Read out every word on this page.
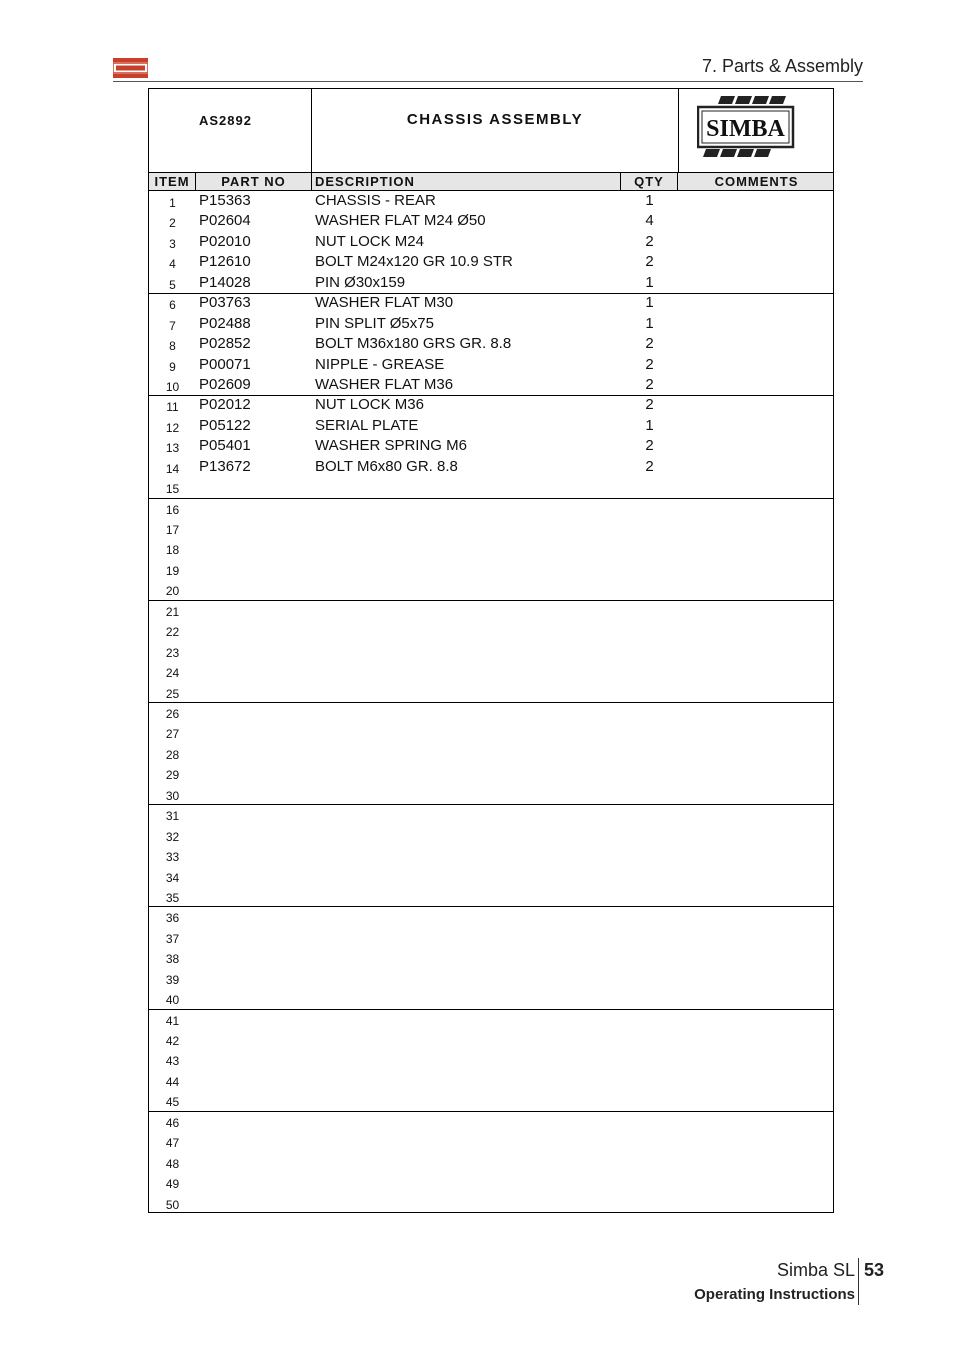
7. Parts & Assembly
AS2892	CHASSIS ASSEMBLY	SIMBA
ITEM	PART NO	DESCRIPTION	QTY	COMMENTS
1	P15363	CHASSIS - REAR	1
2	P02604	WASHER FLAT M24 Ø50	4
3	P02010	NUT LOCK M24	2
4	P12610	BOLT M24x120 GR 10.9 STR	2
5	P14028	PIN Ø30x159	1
6	P03763	WASHER FLAT M30	1
7	P02488	PIN SPLIT Ø5x75	1
8	P02852	BOLT M36x180 GRS GR. 8.8	2
9	P00071	NIPPLE - GREASE	2
10	P02609	WASHER FLAT M36	2
11	P02012	NUT LOCK M36	2
12	P05122	SERIAL PLATE	1
13	P05401	WASHER SPRING M6	2
14	P13672	BOLT M6x80 GR. 8.8	2
15
16
17
18
19
20
21
22
23
24
25
26
27
28
29
30
31
32
33
34
35
36
37
38
39
40
41
42
43
44
45
46
47
48
49
50
Simba SL 53
Operating Instructions
